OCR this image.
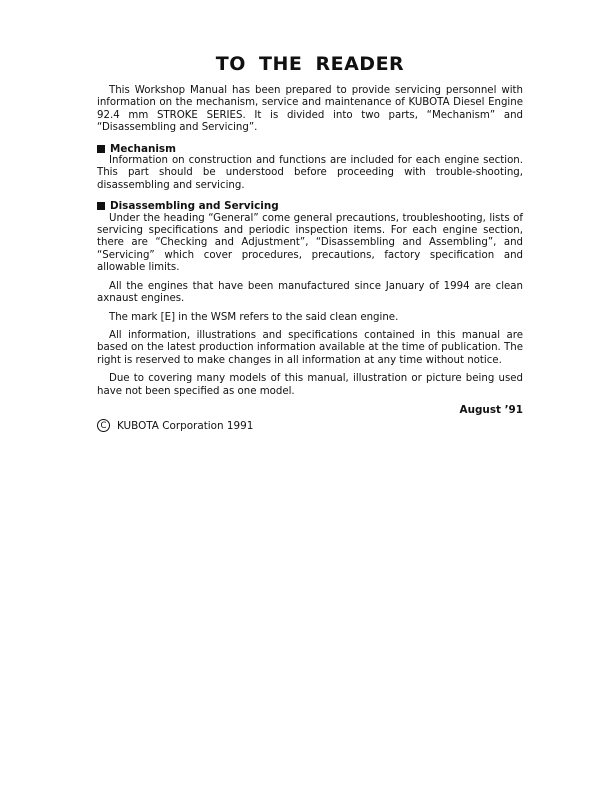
TO THE READER

This Workshop Manual has been prepared to provide servicing personnel with information on the mechanism, service and maintenance of KUBOTA Diesel Engine 92.4 mm STROKE SERIES. It is divided into two parts, “Mechanism” and “Disassembling and Servicing”.

Mechanism

Information on construction and functions are included for each engine section. This part should be understood before proceeding with trouble-shooting, disassembling and servicing.

Disassembling and Servicing

Under the heading “General” come general precautions, troubleshooting, lists of servicing specifications and periodic inspection items. For each engine section, there are “Checking and Adjustment”, “Disassembling and Assembling”, and “Servicing” which cover procedures, precautions, factory specification and allowable limits.

All the engines that have been manufactured since January of 1994 are clean axnaust engines.

The mark [E] in the WSM refers to the said clean engine.

All information, illustrations and specifications contained in this manual are based on the latest production information available at the time of publication. The right is reserved to make changes in all information at any time without notice.

Due to covering many models of this manual, illustration or picture being used have not been specified as one model.

August ’91
C	KUBOTA Corporation 1991
